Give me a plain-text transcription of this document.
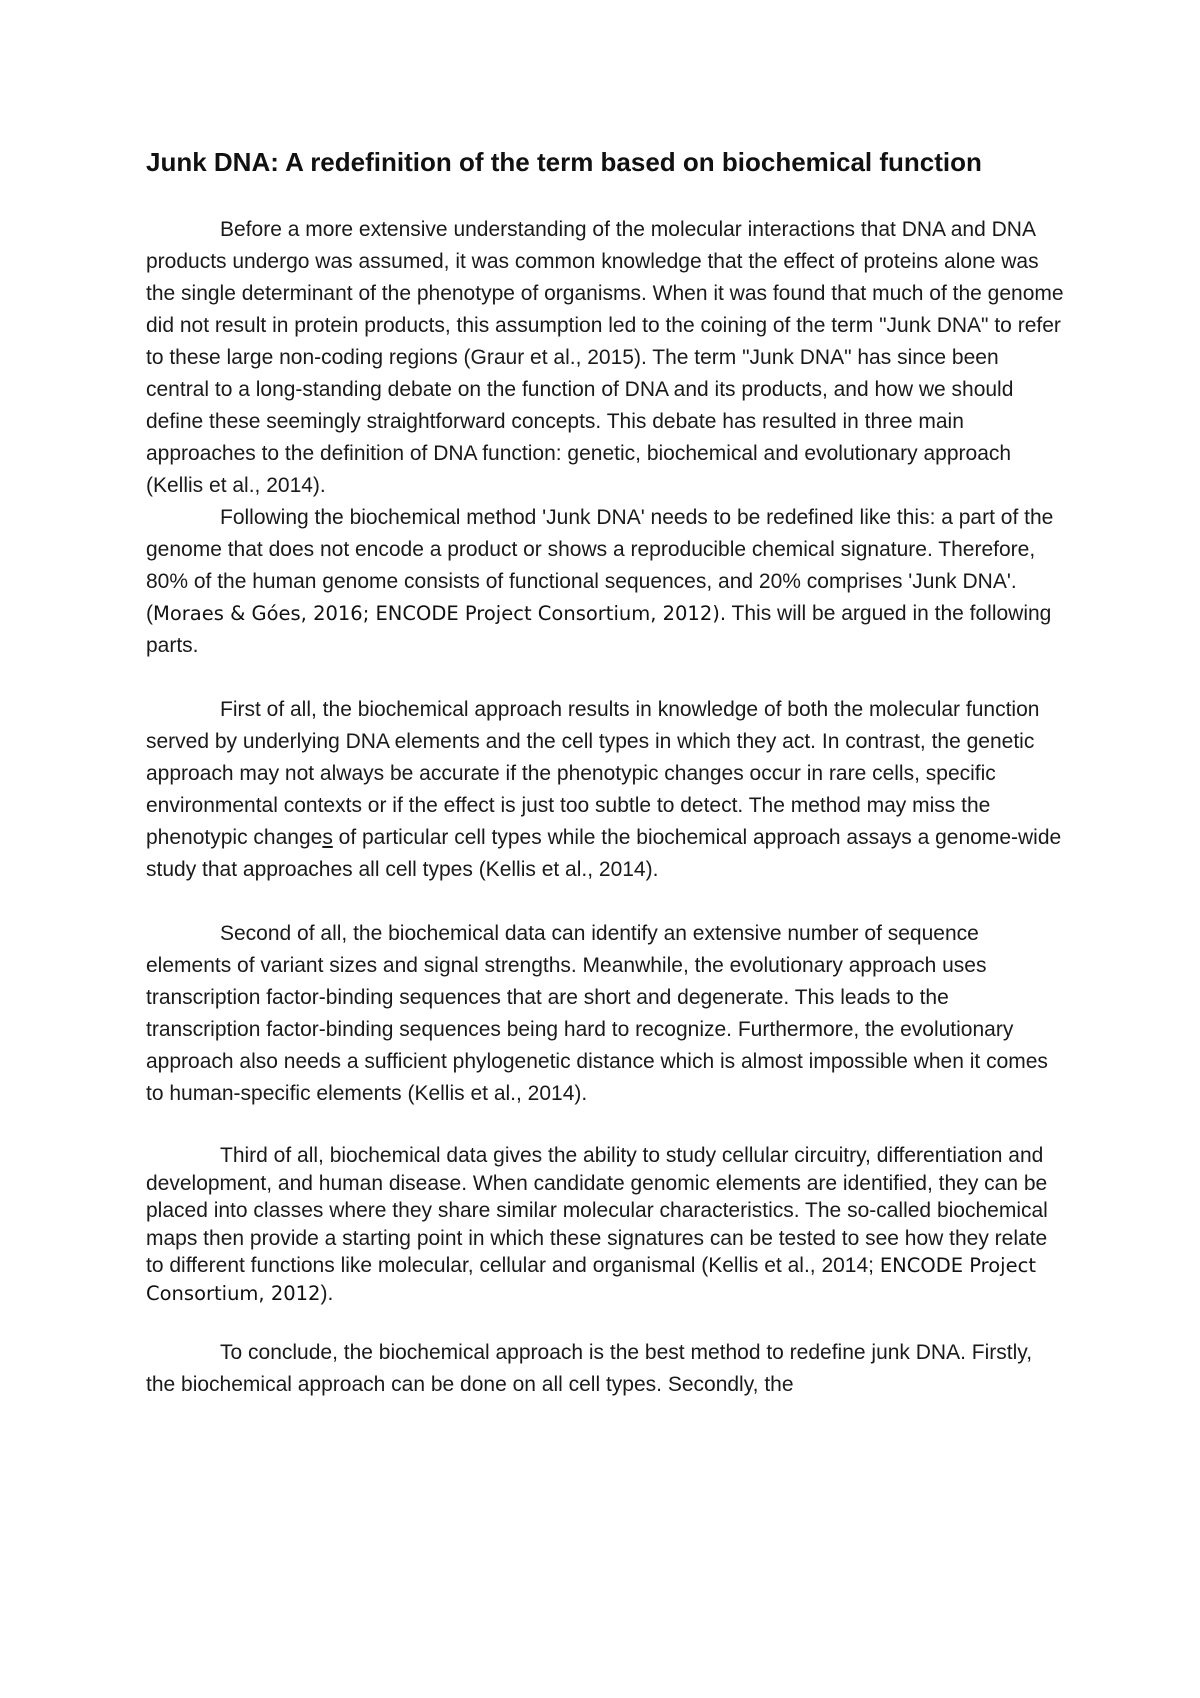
Junk DNA: A redefinition of the term based on biochemical function

Before a more extensive understanding of the molecular interactions that DNA and DNA products undergo was assumed, it was common knowledge that the effect of proteins alone was the single determinant of the phenotype of organisms. When it was found that much of the genome did not result in protein products, this assumption led to the coining of the term "Junk DNA" to refer to these large non-coding regions (Graur et al., 2015). The term "Junk DNA" has since been central to a long-standing debate on the function of DNA and its products, and how we should define these seemingly straightforward concepts. This debate has resulted in three main approaches to the definition of DNA function: genetic, biochemical and evolutionary approach (Kellis et al., 2014).

Following the biochemical method 'Junk DNA' needs to be redefined like this: a part of the genome that does not encode a product or shows a reproducible chemical signature. Therefore, 80% of the human genome consists of functional sequences, and 20% comprises 'Junk DNA'. (Moraes & Góes, 2016; ENCODE Project Consortium, 2012). This will be argued in the following parts.

First of all, the biochemical approach results in knowledge of both the molecular function served by underlying DNA elements and the cell types in which they act. In contrast, the genetic approach may not always be accurate if the phenotypic changes occur in rare cells, specific environmental contexts or if the effect is just too subtle to detect. The method may miss the phenotypic changes of particular cell types while the biochemical approach assays a genome-wide study that approaches all cell types (Kellis et al., 2014).

Second of all, the biochemical data can identify an extensive number of sequence elements of variant sizes and signal strengths. Meanwhile, the evolutionary approach uses transcription factor-binding sequences that are short and degenerate. This leads to the transcription factor-binding sequences being hard to recognize. Furthermore, the evolutionary approach also needs a sufficient phylogenetic distance which is almost impossible when it comes to human-specific elements (Kellis et al., 2014).

Third of all, biochemical data gives the ability to study cellular circuitry, differentiation and development, and human disease. When candidate genomic elements are identified, they can be placed into classes where they share similar molecular characteristics. The so-called biochemical maps then provide a starting point in which these signatures can be tested to see how they relate to different functions like molecular, cellular and organismal (Kellis et al., 2014; ENCODE Project Consortium, 2012).

To conclude, the biochemical approach is the best method to redefine junk DNA. Firstly, the biochemical approach can be done on all cell types. Secondly, the
